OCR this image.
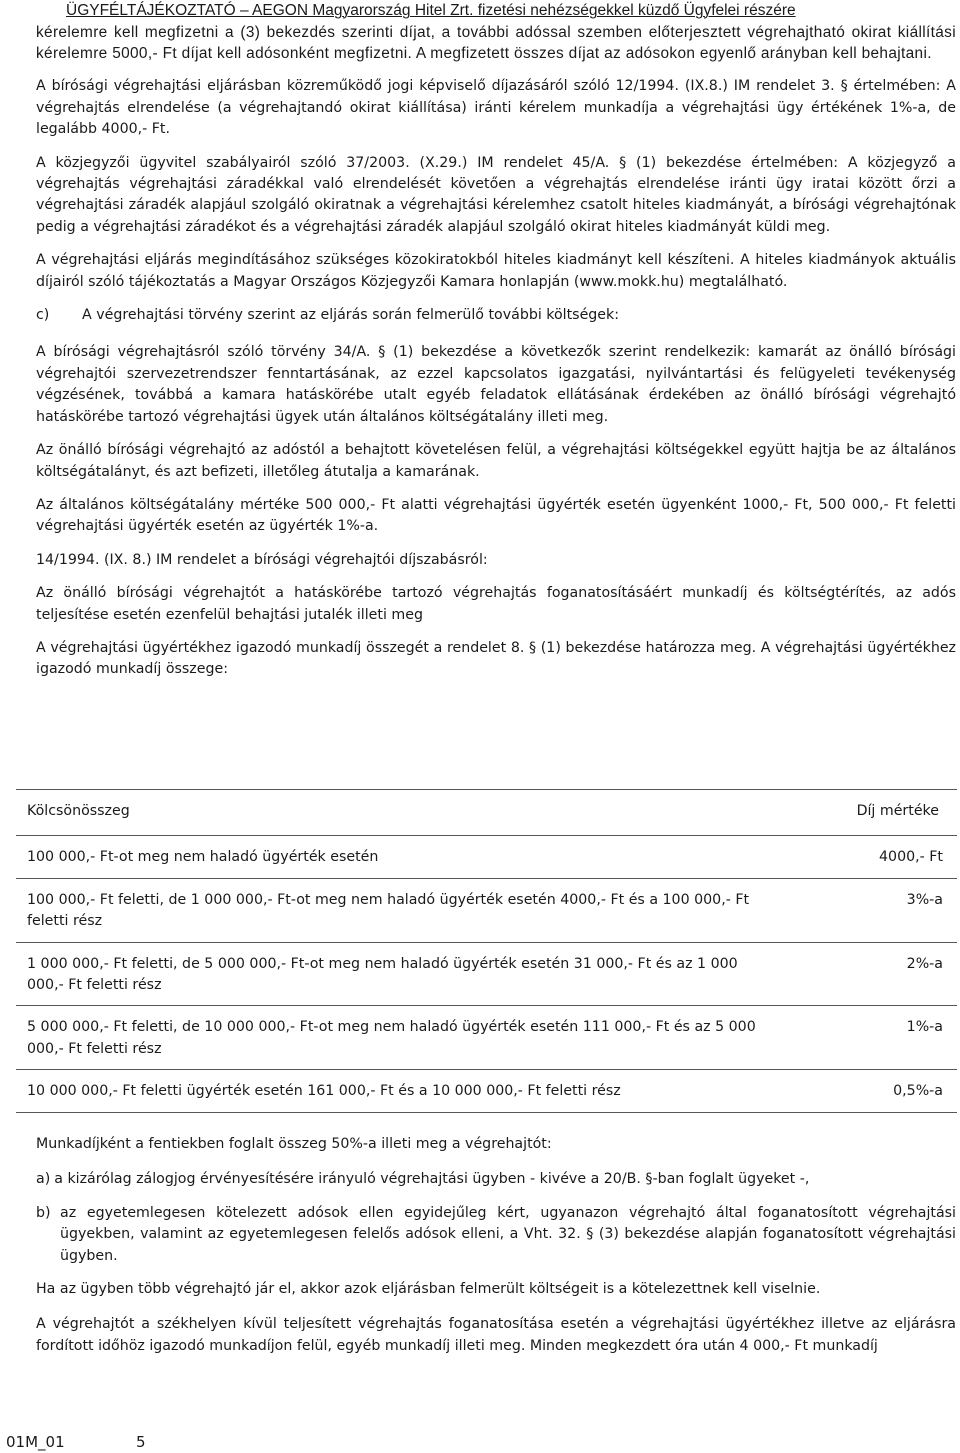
ÜGYFÉLTÁJÉKOZTATÓ – AEGON Magyarország Hitel Zrt. fizetési nehézségekkel küzdő Ügyfelei részére

kérelemre kell megfizetni a (3) bekezdés szerinti díjat, a további adóssal szemben előterjesztett végrehajtható okirat kiállítási kérelemre 5000,- Ft díjat kell adósonként megfizetni. A megfizetett összes díjat az adósokon egyenlő arányban kell behajtani.

A bírósági végrehajtási eljárásban közreműködő jogi képviselő díjazásáról szóló 12/1994. (IX.8.) IM rendelet 3. § értelmében: A végrehajtás elrendelése (a végrehajtandó okirat kiállítása) iránti kérelem munkadíja a végrehajtási ügy értékének 1%-a, de legalább 4000,- Ft.

A közjegyzői ügyvitel szabályairól szóló 37/2003. (X.29.) IM rendelet 45/A. § (1) bekezdése értelmében: A közjegyző a végrehajtás végrehajtási záradékkal való elrendelését követően a végrehajtás elrendelése iránti ügy iratai között őrzi a végrehajtási záradék alapjául szolgáló okiratnak a végrehajtási kérelemhez csatolt hiteles kiadmányát, a bírósági végrehajtónak pedig a végrehajtási záradékot és a végrehajtási záradék alapjául szolgáló okirat hiteles kiadmányát küldi meg.

A végrehajtási eljárás megindításához szükséges közokiratokból hiteles kiadmányt kell készíteni. A hiteles kiadmányok aktuális díjairól szóló tájékoztatás a Magyar Országos Közjegyzői Kamara honlapján (www.mokk.hu) megtalálható.

c) A végrehajtási törvény szerint az eljárás során felmerülő további költségek:

A bírósági végrehajtásról szóló törvény 34/A. § (1) bekezdése a következők szerint rendelkezik: kamarát az önálló bírósági végrehajtói szervezetrendszer fenntartásának, az ezzel kapcsolatos igazgatási, nyilvántartási és felügyeleti tevékenység végzésének, továbbá a kamara hatáskörébe utalt egyéb feladatok ellátásának érdekében az önálló bírósági végrehajtó hatáskörébe tartozó végrehajtási ügyek után általános költségátalány illeti meg.

Az önálló bírósági végrehajtó az adóstól a behajtott követelésen felül, a végrehajtási költségekkel együtt hajtja be az általános költségátalányt, és azt befizeti, illetőleg átutalja a kamarának.

Az általános költségátalány mértéke 500 000,- Ft alatti végrehajtási ügyérték esetén ügyenként 1000,- Ft, 500 000,- Ft feletti végrehajtási ügyérték esetén az ügyérték 1%-a.

14/1994. (IX. 8.) IM rendelet a bírósági végrehajtói díjszabásról:

Az önálló bírósági végrehajtót a hatáskörébe tartozó végrehajtás foganatosításáért munkadíj és költségtérítés, az adós teljesítése esetén ezenfelül behajtási jutalék illeti meg

A végrehajtási ügyértékhez igazodó munkadíj összegét a rendelet 8. § (1) bekezdése határozza meg. A végrehajtási ügyértékhez igazodó munkadíj összege:

Kölcsönösszeg	Díj mértéke
100 000,- Ft-ot meg nem haladó ügyérték esetén	4000,- Ft
100 000,- Ft feletti, de 1 000 000,- Ft-ot meg nem haladó ügyérték esetén 4000,- Ft és a 100 000,- Ft feletti rész	3%-a
1 000 000,- Ft feletti, de 5 000 000,- Ft-ot meg nem haladó ügyérték esetén 31 000,- Ft és az 1 000 000,- Ft feletti rész	2%-a
5 000 000,- Ft feletti, de 10 000 000,- Ft-ot meg nem haladó ügyérték esetén 111 000,- Ft és az 5 000 000,- Ft feletti rész	1%-a
10 000 000,- Ft feletti ügyérték esetén 161 000,- Ft és a 10 000 000,- Ft feletti rész	0,5%-a

Munkadíjként a fentiekben foglalt összeg 50%-a illeti meg a végrehajtót:

a) a kizárólag zálogjog érvényesítésére irányuló végrehajtási ügyben - kivéve a 20/B. §-ban foglalt ügyeket -,
b) az egyetemlegesen kötelezett adósok ellen egyidejűleg kért, ugyanazon végrehajtó által foganatosított végrehajtási ügyekben, valamint az egyetemlegesen felelős adósok elleni, a Vht. 32. § (3) bekezdése alapján foganatosított végrehajtási ügyben.

Ha az ügyben több végrehajtó jár el, akkor azok eljárásban felmerült költségeit is a kötelezettnek kell viselnie.

A végrehajtót a székhelyen kívül teljesített végrehajtás foganatosítása esetén a végrehajtási ügyértékhez illetve az eljárásra fordított időhöz igazodó munkadíjon felül, egyéb munkadíj illeti meg. Minden megkezdett óra után 4 000,- Ft munkadíj

01M_01	5
